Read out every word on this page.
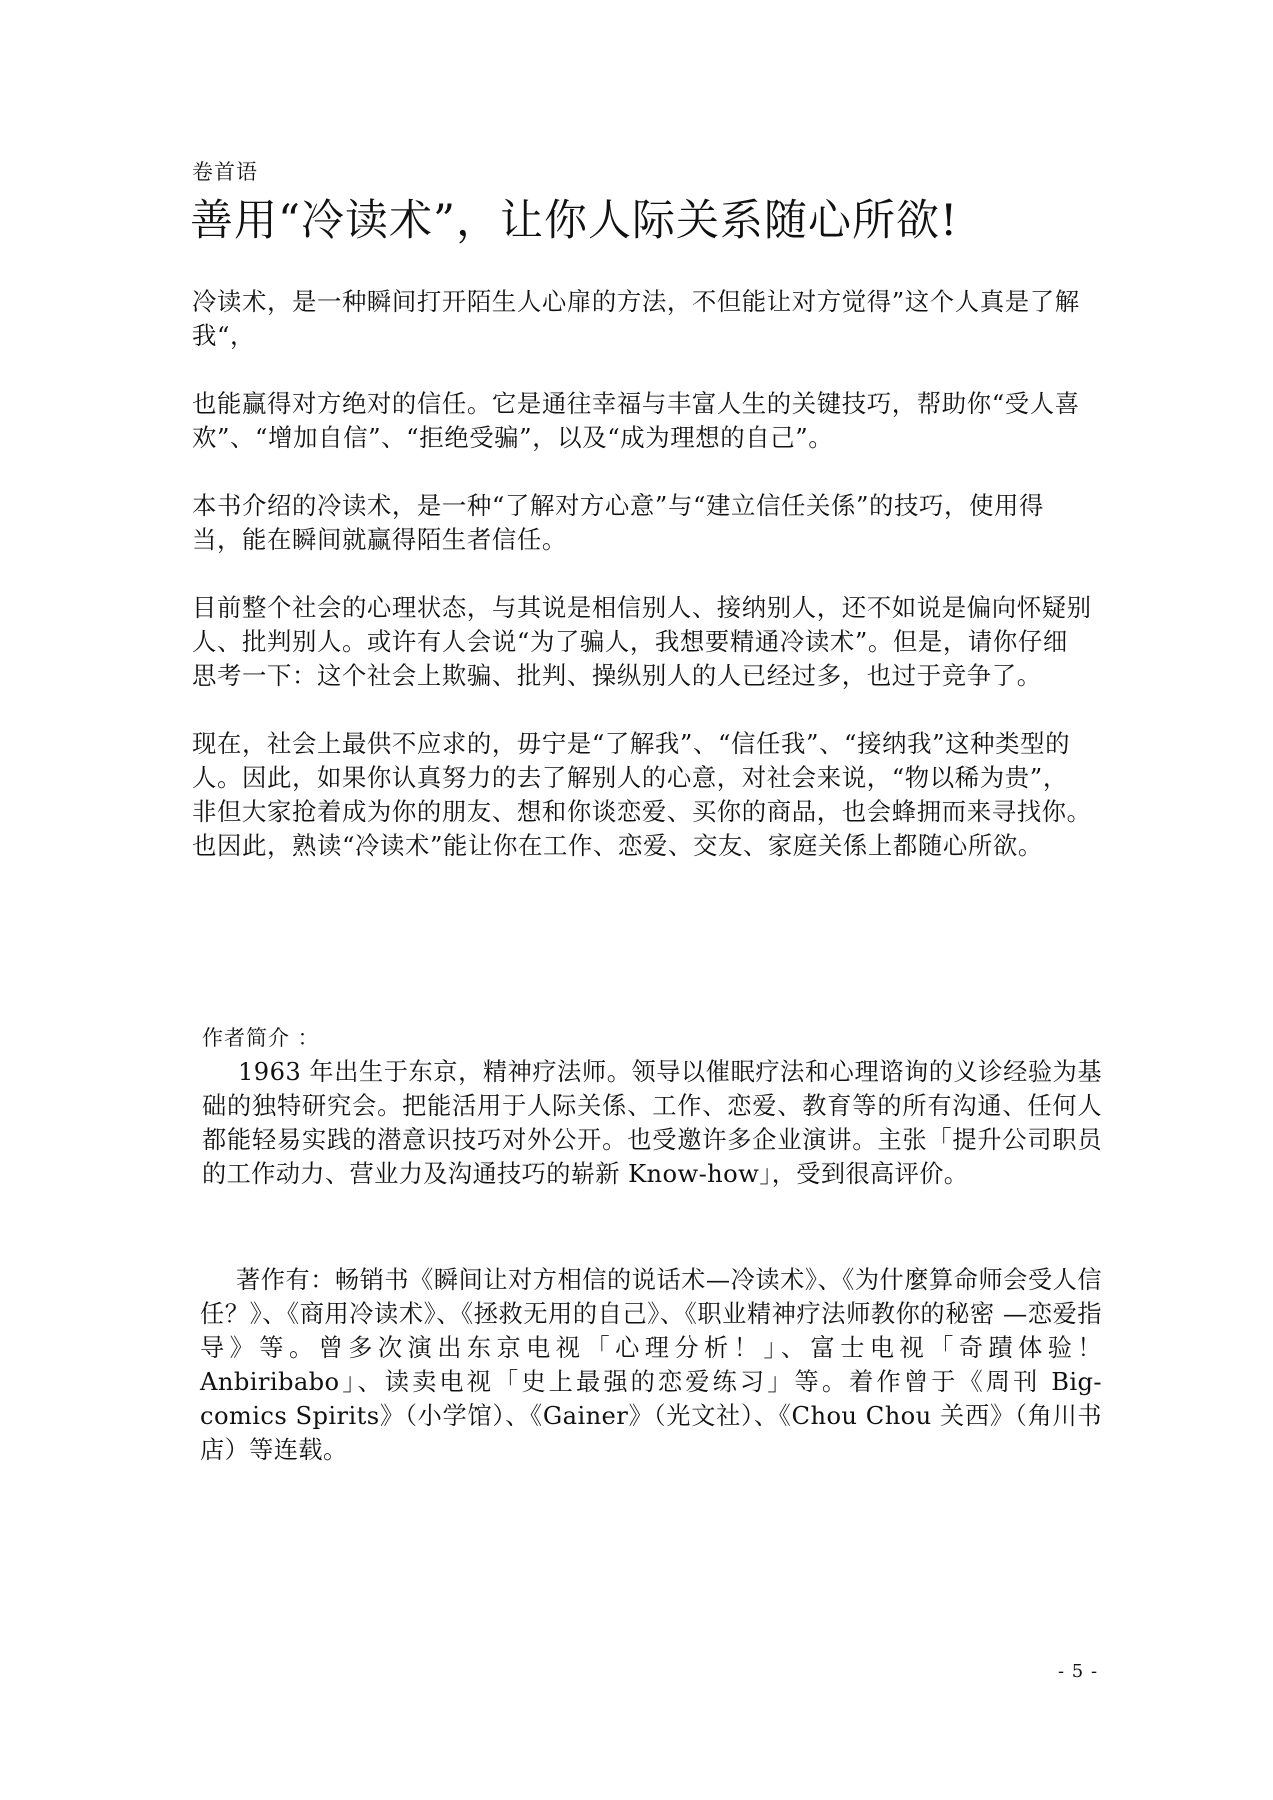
卷首语
善用“冷读术”，让你人际关系随心所欲!

冷读术，是一种瞬间打开陌生人心扉的方法，不但能让对方觉得”这个人真是了解我“，

也能赢得对方绝对的信任。它是通往幸福与丰富人生的关键技巧，帮助你“受人喜欢”、“增加自信”、“拒绝受骗”，以及“成为理想的自己”。

本书介绍的冷读术，是一种“了解对方心意”与“建立信任关係”的技巧，使用得当，能在瞬间就赢得陌生者信任。

目前整个社会的心理状态，与其说是相信别人、接纳别人，还不如说是偏向怀疑别人、批判别人。或许有人会说“为了骗人，我想要精通冷读术”。但是，请你仔细思考一下：这个社会上欺骗、批判、操纵别人的人已经过多，也过于竞争了。

现在，社会上最供不应求的，毋宁是“了解我”、“信任我”、“接纳我”这种类型的人。因此，如果你认真努力的去了解别人的心意，对社会来说，“物以稀为贵”，非但大家抢着成为你的朋友、想和你谈恋爱、买你的商品，也会蜂拥而来寻找你。也因此，熟读“冷读术”能让你在工作、恋爱、交友、家庭关係上都随心所欲。

作者简介 ：

1963 年出生于东京，精神疗法师。领导以催眠疗法和心理谘询的义诊经验为基础的独特研究会。把能活用于人际关係、工作、恋爱、教育等的所有沟通、任何人都能轻易实践的潜意识技巧对外公开。也受邀许多企业演讲。主张「提升公司职员的工作动力、营业力及沟通技巧的崭新 Know-how」，受到很高评价。

著作有：畅销书《瞬间让对方相信的说话术—冷读术》、《为什麼算命师会受人信任？》、《商用冷读术》、《拯救无用的自己》、《职业精神疗法师教你的秘密 —恋爱指导》等。曾多次演出东京电视「心理分析！」、富士电视「奇蹟体验！Anbiribabo」、读卖电视「史上最强的恋爱练习」等。着作曾于《周刊 Big-comics Spirits》（小学馆）、《Gainer》（光文社）、《Chou Chou 关西》（角川书店）等连载。

- 5 -
